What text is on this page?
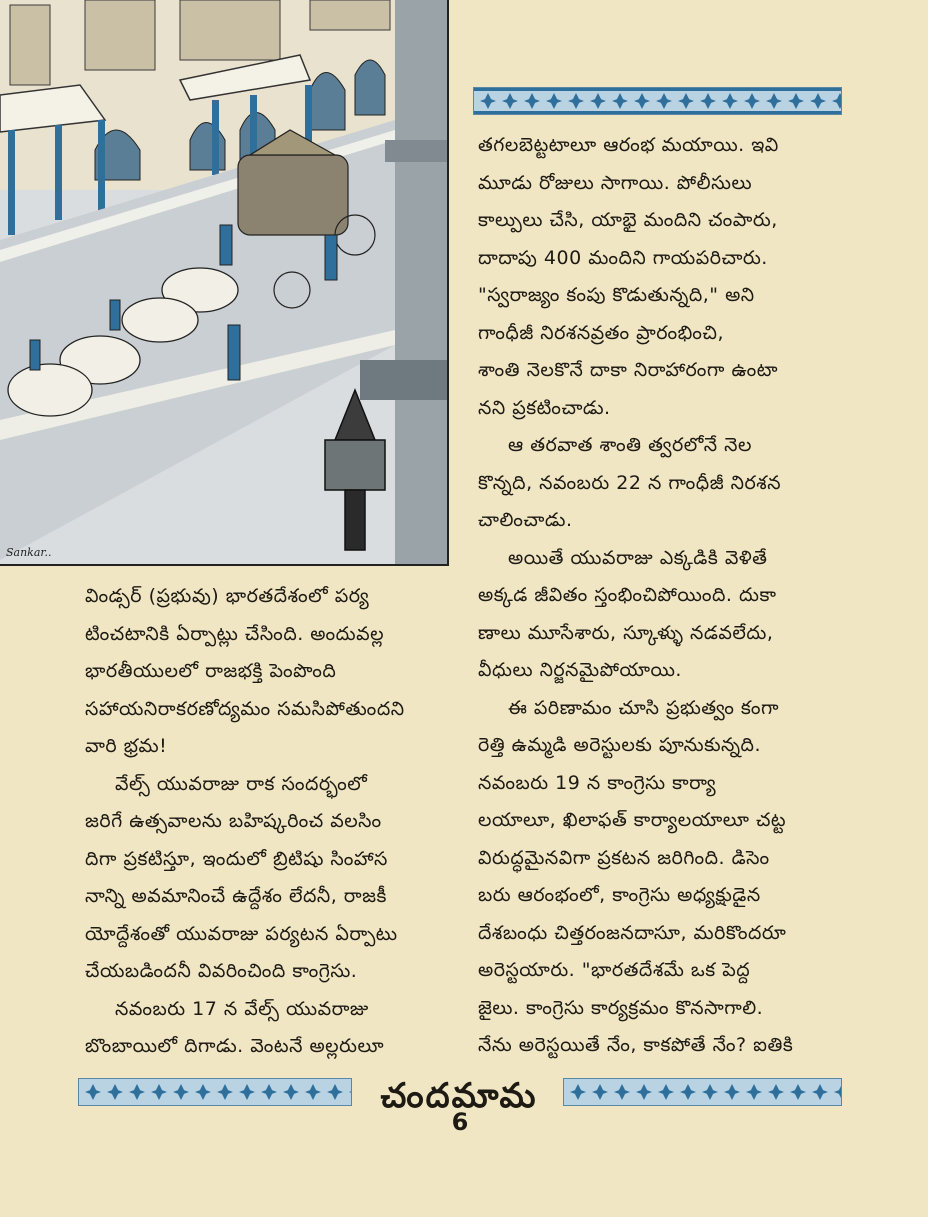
Sankar..
తగలబెట్టటాలూ ఆరంభ మయాయి. ఇవి
మూడు రోజులు సాగాయి. పోలీసులు
కాల్పులు చేసి, యాభై మందిని చంపారు,
దాదాపు 400 మందిని గాయపరిచారు.
"స్వరాజ్యం కంపు కొడుతున్నది," అని
గాంధీజీ నిరశనవ్రతం ప్రారంభించి,
శాంతి నెలకొనే దాకా నిరాహారంగా ఉంటా
నని ప్రకటించాడు.
ఆ తరవాత శాంతి త్వరలోనే నెల
కొన్నది, నవంబరు 22 న గాంధీజీ నిరశన
చాలించాడు.
అయితే యువరాజు ఎక్కడికి వెళితే
అక్కడ జీవితం స్తంభించిపోయింది. దుకా
ణాలు మూసేశారు, స్కూళ్ళు నడవలేదు,
వీధులు నిర్జనమైపోయాయి.
ఈ పరిణామం చూసి ప్రభుత్వం కంగా
రెత్తి ఉమ్మడి అరెస్టులకు పూనుకున్నది.
నవంబరు 19 న కాంగ్రెసు కార్యా
లయాలూ, ఖిలాఫత్ కార్యాలయాలూ చట్ట
విరుద్ధమైనవిగా ప్రకటన జరిగింది. డిసెం
బరు ఆరంభంలో, కాంగ్రెసు అధ్యక్షుడైన
దేశబంధు చిత్తరంజనదాసూ, మరికొందరూ
అరెస్టయారు. "భారతదేశమే ఒక పెద్ద
జైలు. కాంగ్రెసు కార్యక్రమం కొనసాగాలి.
నేను అరెస్టయితే నేం, కాకపోతే నేం? ఐతికి
విండ్సర్ (ప్రభువు) భారతదేశంలో పర్య
టించటానికి ఏర్పాట్లు చేసింది. అందువల్ల
భారతీయులలో రాజభక్తి పెంపొంది
సహాయనిరాకరణోద్యమం సమసిపోతుందని
వారి భ్రమ!
వేల్స్ యువరాజు రాక సందర్భంలో
జరిగే ఉత్సవాలను బహిష్కరించ వలసిం
దిగా ప్రకటిస్తూ, ఇందులో బ్రిటిషు సింహాస
నాన్ని అవమానించే ఉద్దేశం లేదనీ, రాజకీ
యోద్దేశంతో యువరాజు పర్యటన ఏర్పాటు
చేయబడిందనీ వివరించింది కాంగ్రెసు.
నవంబరు 17 న వేల్స్ యువరాజు
బొంబాయిలో దిగాడు. వెంటనే అల్లరులూ
చందమామ
6
